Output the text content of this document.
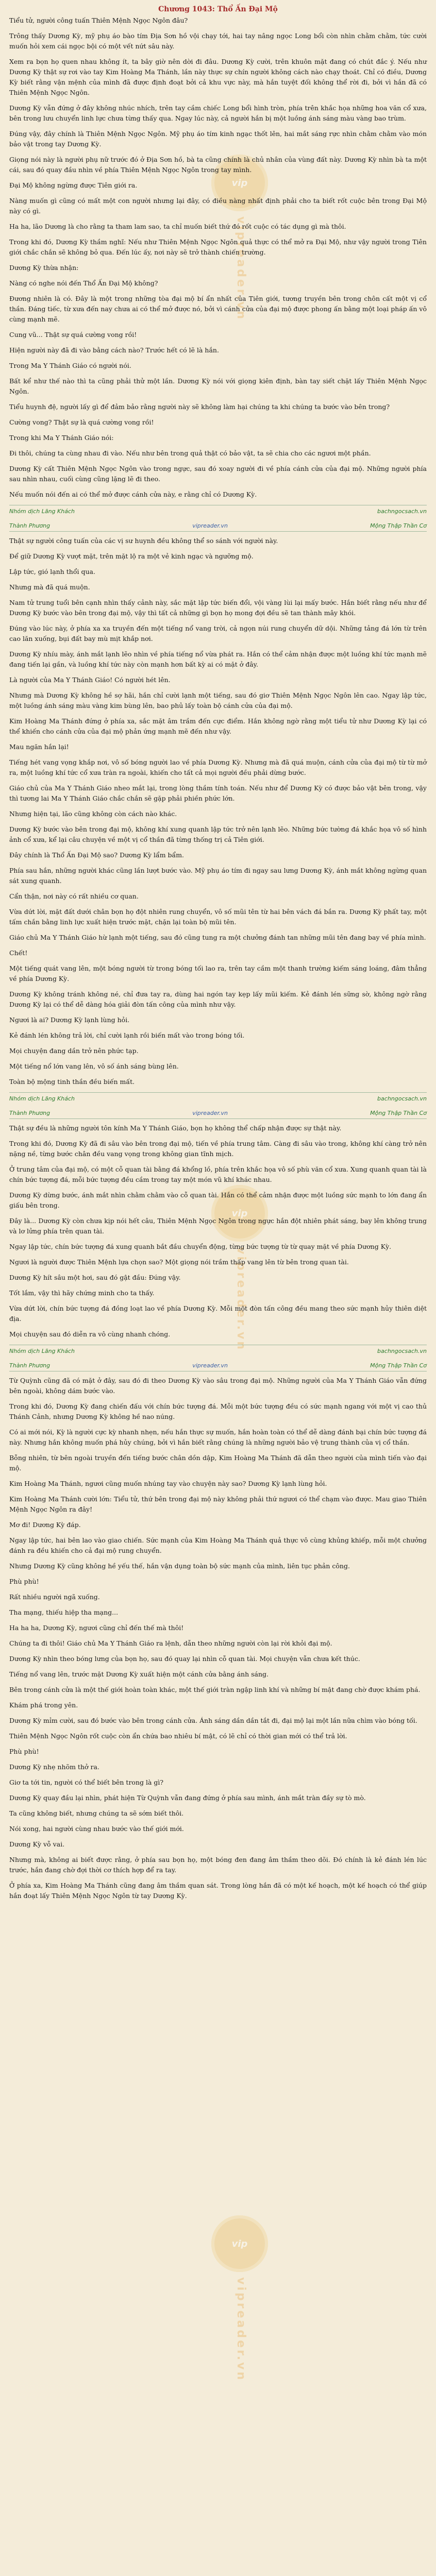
vip
vipreader.vn
vip
vipreader.vn
vip
vipreader.vn
Chương 1043: Thổ Ấn Đại Mộ

Tiểu tử, người công tuấn Thiên Mệnh Ngọc Ngôn đâu?

Trông thấy Dương Kỳ, mỹ phụ áo bào tím Địa Sơn hồ vội chạy tới, hai tay nâng ngọc Long bổi còn nhìn chằm chằm, tức cười muốn hỏi xem cái ngọc bội có một vết nứt sâu này.

Xem ra bọn họ quen nhau không ít, ta bây giờ nên dời đi đâu. Dương Kỳ cười, trên khuôn mặt đang có chút đắc ý. Nếu như Dương Kỳ thật sự rơi vào tay Kim Hoàng Ma Thánh, lần này thực sự chín người không cách nào chạy thoát. Chỉ có điều, Dương Kỳ biết rằng vận mệnh của mình đã được định đoạt bởi cả khu vực này, mà hắn tuyệt đối không thể rời đi, bởi vì hắn đã có Thiên Mệnh Ngọc Ngôn.

Dương Kỳ vẫn đứng ở đây không nhúc nhích, trên tay cầm chiếc Long bổi hình tròn, phía trên khắc họa những hoa văn cổ xưa, bên trong lưu chuyển linh lực chưa từng thấy qua. Ngay lúc này, cả người hắn bị một luồng ánh sáng màu vàng bao trùm.

Đúng vậy, đây chính là Thiên Mệnh Ngọc Ngôn. Mỹ phụ áo tím kinh ngạc thốt lên, hai mắt sáng rực nhìn chằm chằm vào món bảo vật trong tay Dương Kỳ.

Giọng nói này là người phụ nữ trước đó ở Địa Sơn hồ, bà ta cũng chính là chủ nhân của vùng đất này. Dương Kỳ nhìn bà ta một cái, sau đó quay đầu nhìn về phía Thiên Mệnh Ngọc Ngôn trong tay mình.

Đại Mộ không ngừng được Tiên giới ra.

Nàng muốn gì cũng có mất một con người nhưng lại đây, có điều nàng nhất định phải cho ta biết rốt cuộc bên trong Đại Mộ này có gì.

Ha ha, lão Dương là cho rằng ta tham lam sao, ta chỉ muốn biết thứ đó rốt cuộc có tác dụng gì mà thôi.

Trong khi đó, Dương Kỳ thầm nghĩ: Nếu như Thiên Mệnh Ngọc Ngôn quả thực có thể mở ra Đại Mộ, như vậy người trong Tiên giới chắc chắn sẽ không bỏ qua. Đến lúc ấy, nơi này sẽ trở thành chiến trường.

Dương Kỳ thừa nhận:

Nàng có nghe nói đến Thổ Ấn Đại Mộ không?

Đương nhiên là có. Đây là một trong những tòa đại mộ bí ẩn nhất của Tiên giới, tương truyền bên trong chôn cất một vị cổ thần. Đáng tiếc, từ xưa đến nay chưa ai có thể mở được nó, bởi vì cánh cửa của đại mộ được phong ấn bằng một loại pháp ấn vô cùng mạnh mẽ.

Cung vũ... Thật sự quá cường vong rồi!

Hiện người này đã đi vào bằng cách nào? Trước hết có lẽ là hắn.

Trong Ma Y Thánh Giáo có người nói.

Bất kể như thế nào thì ta cũng phải thử một lần. Dương Kỳ nói với giọng kiên định, bàn tay siết chặt lấy Thiên Mệnh Ngọc Ngôn.

Tiểu huynh đệ, người lấy gì để đảm bảo rằng người này sẽ không làm hại chúng ta khi chúng ta bước vào bên trong?

Cường vong? Thật sự là quá cường vong rồi!

Trong khi Ma Y Thánh Giáo nói:

Đi thôi, chúng ta cùng nhau đi vào. Nếu như bên trong quả thật có bảo vật, ta sẽ chia cho các ngươi một phần.

Dương Kỳ cất Thiên Mệnh Ngọc Ngôn vào trong ngực, sau đó xoay người đi về phía cánh cửa của đại mộ. Những người phía sau nhìn nhau, cuối cùng cũng lặng lẽ đi theo.

Nếu muốn nói đến ai có thể mở được cánh cửa này, e rằng chỉ có Dương Kỳ.

Nhóm dịch Lãng Khách	bachngocsach.vn
Thành Phương	vipreader.vn	Mộng Thập Thần Cơ

Thật sự người công tuấn của các vị sư huynh đều không thể so sánh với người này.

Để giữ Dương Kỳ vượt mặt, trên mặt lộ ra một vẻ kinh ngạc và ngưỡng mộ.

Lập tức, gió lạnh thổi qua.

Nhưng mà đã quá muộn.

Nam tử trung tuổi bên cạnh nhìn thấy cảnh này, sắc mặt lập tức biến đổi, vội vàng lùi lại mấy bước. Hắn biết rằng nếu như để Dương Kỳ bước vào bên trong đại mộ, vậy thì tất cả những gì bọn họ mong đợi đều sẽ tan thành mây khói.

Đúng vào lúc này, ở phía xa xa truyền đến một tiếng nổ vang trời, cả ngọn núi rung chuyển dữ dội. Những tảng đá lớn từ trên cao lăn xuống, bụi đất bay mù mịt khắp nơi.

Dương Kỳ nhíu mày, ánh mắt lạnh lẽo nhìn về phía tiếng nổ vừa phát ra. Hắn có thể cảm nhận được một luồng khí tức mạnh mẽ đang tiến lại gần, và luồng khí tức này còn mạnh hơn bất kỳ ai có mặt ở đây.

Là người của Ma Y Thánh Giáo! Có người hét lên.

Nhưng mà Dương Kỳ không hề sợ hãi, hắn chỉ cười lạnh một tiếng, sau đó giơ Thiên Mệnh Ngọc Ngôn lên cao. Ngay lập tức, một luồng ánh sáng màu vàng kim bùng lên, bao phủ lấy toàn bộ cánh cửa của đại mộ.

Kim Hoàng Ma Thánh đứng ở phía xa, sắc mặt âm trầm đến cực điểm. Hắn không ngờ rằng một tiểu tử như Dương Kỳ lại có thể khiến cho cánh cửa của đại mộ phản ứng mạnh mẽ đến như vậy.

Mau ngăn hắn lại!

Tiếng hét vang vọng khắp nơi, vô số bóng người lao về phía Dương Kỳ. Nhưng mà đã quá muộn, cánh cửa của đại mộ từ từ mở ra, một luồng khí tức cổ xưa tràn ra ngoài, khiến cho tất cả mọi người đều phải dừng bước.

Giáo chủ của Ma Y Thánh Giáo nheo mắt lại, trong lòng thầm tính toán. Nếu như để Dương Kỳ có được bảo vật bên trong, vậy thì tương lai Ma Y Thánh Giáo chắc chắn sẽ gặp phải phiền phức lớn.

Nhưng hiện tại, lão cũng không còn cách nào khác.

Dương Kỳ bước vào bên trong đại mộ, không khí xung quanh lập tức trở nên lạnh lẽo. Những bức tường đá khắc họa vô số hình ảnh cổ xưa, kể lại câu chuyện về một vị cổ thần đã từng thống trị cả Tiên giới.

Đây chính là Thổ Ấn Đại Mộ sao? Dương Kỳ lẩm bẩm.

Phía sau hắn, những người khác cũng lần lượt bước vào. Mỹ phụ áo tím đi ngay sau lưng Dương Kỳ, ánh mắt không ngừng quan sát xung quanh.

Cẩn thận, nơi này có rất nhiều cơ quan.

Vừa dứt lời, mặt đất dưới chân bọn họ đột nhiên rung chuyển, vô số mũi tên từ hai bên vách đá bắn ra. Dương Kỳ phất tay, một tấm chắn bằng linh lực xuất hiện trước mặt, chặn lại toàn bộ mũi tên.

Giáo chủ Ma Y Thánh Giáo hừ lạnh một tiếng, sau đó cũng tung ra một chưởng đánh tan những mũi tên đang bay về phía mình.

Chết!

Một tiếng quát vang lên, một bóng người từ trong bóng tối lao ra, trên tay cầm một thanh trường kiếm sáng loáng, đâm thẳng về phía Dương Kỳ.

Dương Kỳ không tránh không né, chỉ đưa tay ra, dùng hai ngón tay kẹp lấy mũi kiếm. Kẻ đánh lén sững sờ, không ngờ rằng Dương Kỳ lại có thể dễ dàng hóa giải đòn tấn công của mình như vậy.

Ngươi là ai? Dương Kỳ lạnh lùng hỏi.

Kẻ đánh lén không trả lời, chỉ cười lạnh rồi biến mất vào trong bóng tối.

Mọi chuyện đang dần trở nên phức tạp.

Một tiếng nổ lớn vang lên, vô số ánh sáng bùng lên.

Toàn bộ mộng tinh thần đều biến mất.

Nhóm dịch Lãng Khách	bachngocsach.vn
Thành Phương	vipreader.vn	Mộng Thập Thần Cơ

Thật sự đều là những người tôn kính Ma Y Thánh Giáo, bọn họ không thể chấp nhận được sự thật này.

Trong khi đó, Dương Kỳ đã đi sâu vào bên trong đại mộ, tiến về phía trung tâm. Càng đi sâu vào trong, không khí càng trở nên nặng nề, từng bước chân đều vang vọng trong không gian tĩnh mịch.

Ở trung tâm của đại mộ, có một cỗ quan tài bằng đá khổng lồ, phía trên khắc họa vô số phù văn cổ xưa. Xung quanh quan tài là chín bức tượng đá, mỗi bức tượng đều cầm trong tay một món vũ khí khác nhau.

Dương Kỳ dừng bước, ánh mắt nhìn chằm chằm vào cỗ quan tài. Hắn có thể cảm nhận được một luồng sức mạnh to lớn đang ẩn giấu bên trong.

Đây là... Dương Kỳ còn chưa kịp nói hết câu, Thiên Mệnh Ngọc Ngôn trong ngực hắn đột nhiên phát sáng, bay lên không trung và lơ lửng phía trên quan tài.

Ngay lập tức, chín bức tượng đá xung quanh bắt đầu chuyển động, từng bức tượng từ từ quay mặt về phía Dương Kỳ.

Ngươi là người được Thiên Mệnh lựa chọn sao? Một giọng nói trầm thấp vang lên từ bên trong quan tài.

Dương Kỳ hít sâu một hơi, sau đó gật đầu: Đúng vậy.

Tốt lắm, vậy thì hãy chứng minh cho ta thấy.

Vừa dứt lời, chín bức tượng đá đồng loạt lao về phía Dương Kỳ. Mỗi một đòn tấn công đều mang theo sức mạnh hủy thiên diệt địa.

Mọi chuyện sau đó diễn ra vô cùng nhanh chóng.

Nhóm dịch Lãng Khách	bachngocsach.vn
Thành Phương	vipreader.vn	Mộng Thập Thần Cơ

Từ Quỳnh cũng đã có mặt ở đây, sau đó đi theo Dương Kỳ vào sâu trong đại mộ. Những người của Ma Y Thánh Giáo vẫn đứng bên ngoài, không dám bước vào.

Trong khi đó, Dương Kỳ đang chiến đấu với chín bức tượng đá. Mỗi một bức tượng đều có sức mạnh ngang với một vị cao thủ Thánh Cảnh, nhưng Dương Kỳ không hề nao núng.

Có ai mới nói, Kỳ là người cực kỳ nhanh nhẹn, nếu hắn thực sự muốn, hắn hoàn toàn có thể dễ dàng đánh bại chín bức tượng đá này. Nhưng hắn không muốn phá hủy chúng, bởi vì hắn biết rằng chúng là những người bảo vệ trung thành của vị cổ thần.

Bỗng nhiên, từ bên ngoài truyền đến tiếng bước chân dồn dập, Kim Hoàng Ma Thánh đã dẫn theo người của mình tiến vào đại mộ.

Kim Hoàng Ma Thánh, ngươi cũng muốn nhúng tay vào chuyện này sao? Dương Kỳ lạnh lùng hỏi.

Kim Hoàng Ma Thánh cười lớn: Tiểu tử, thứ bên trong đại mộ này không phải thứ ngươi có thể chạm vào được. Mau giao Thiên Mệnh Ngọc Ngôn ra đây!

Mơ đi! Dương Kỳ đáp.

Ngay lập tức, hai bên lao vào giao chiến. Sức mạnh của Kim Hoàng Ma Thánh quả thực vô cùng khủng khiếp, mỗi một chưởng đánh ra đều khiến cho cả đại mộ rung chuyển.

Nhưng Dương Kỳ cũng không hề yếu thế, hắn vận dụng toàn bộ sức mạnh của mình, liên tục phản công.

Phù phù!

Rất nhiều người ngã xuống.

Tha mạng, thiếu hiệp tha mạng...

Ha ha ha, Dương Kỳ, ngươi cũng chỉ đến thế mà thôi!

Chúng ta đi thôi! Giáo chủ Ma Y Thánh Giáo ra lệnh, dẫn theo những người còn lại rời khỏi đại mộ.

Dương Kỳ nhìn theo bóng lưng của bọn họ, sau đó quay lại nhìn cỗ quan tài. Mọi chuyện vẫn chưa kết thúc.

Tiếng nổ vang lên, trước mặt Dương Kỳ xuất hiện một cánh cửa bằng ánh sáng.

Bên trong cánh cửa là một thế giới hoàn toàn khác, một thế giới tràn ngập linh khí và những bí mật đang chờ được khám phá.

Khám phá trong yên.

Dương Kỳ mỉm cười, sau đó bước vào bên trong cánh cửa. Ánh sáng dần dần tắt đi, đại mộ lại một lần nữa chìm vào bóng tối.

Thiên Mệnh Ngọc Ngôn rốt cuộc còn ẩn chứa bao nhiêu bí mật, có lẽ chỉ có thời gian mới có thể trả lời.

Phù phù!

Dương Kỳ nhẹ nhõm thở ra.

Giơ ta tới tin, người có thể biết bên trong là gì?

Dương Kỳ quay đầu lại nhìn, phát hiện Từ Quỳnh vẫn đang đứng ở phía sau mình, ánh mắt tràn đầy sự tò mò.

Ta cũng không biết, nhưng chúng ta sẽ sớm biết thôi.

Nói xong, hai người cùng nhau bước vào thế giới mới.

Dương Kỳ vỗ vai.

Nhưng mà, không ai biết được rằng, ở phía sau bọn họ, một bóng đen đang âm thầm theo dõi. Đó chính là kẻ đánh lén lúc trước, hắn đang chờ đợi thời cơ thích hợp để ra tay.

Ở phía xa, Kim Hoàng Ma Thánh cũng đang âm thầm quan sát. Trong lòng hắn đã có một kế hoạch, một kế hoạch có thể giúp hắn đoạt lấy Thiên Mệnh Ngọc Ngôn từ tay Dương Kỳ.
